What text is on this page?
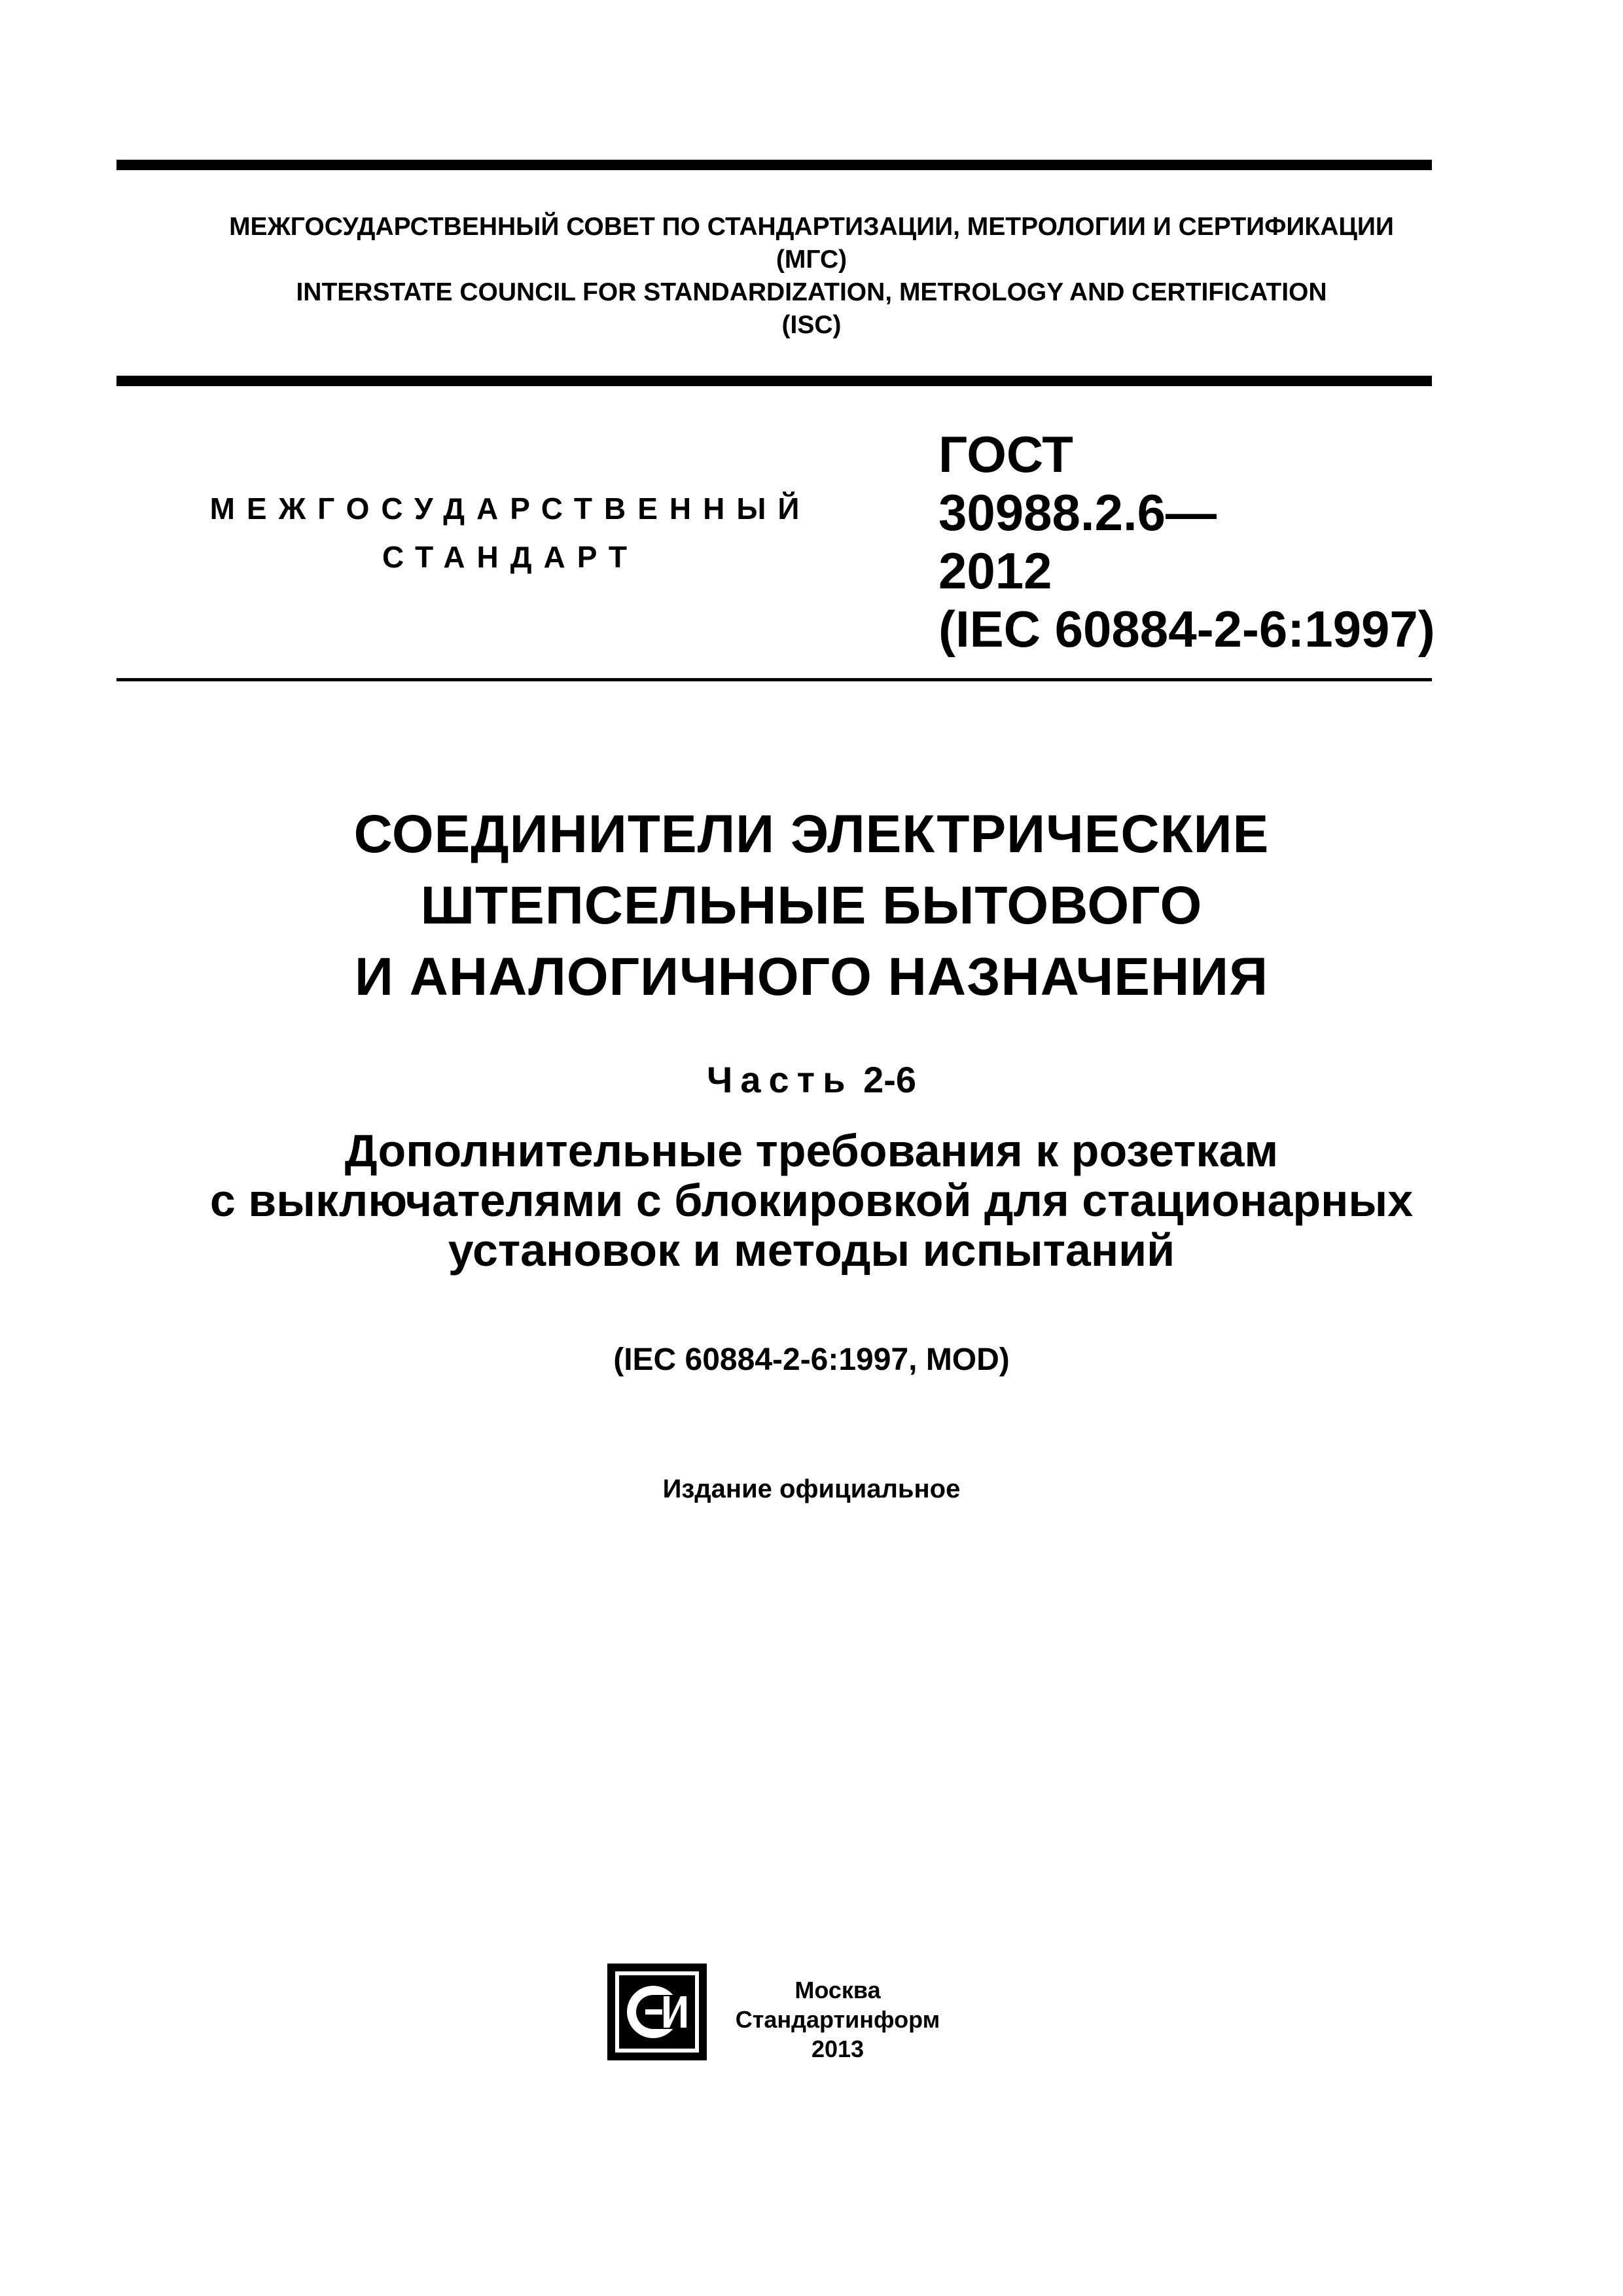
МЕЖГОСУДАРСТВЕННЫЙ СОВЕТ ПО СТАНДАРТИЗАЦИИ, МЕТРОЛОГИИ И СЕРТИФИКАЦИИ
(МГС)
INTERSTATE COUNCIL FOR STANDARDIZATION, METROLOGY AND CERTIFICATION
(ISC)
МЕЖГОСУДАРСТВЕННЫЙ
СТАНДАРТ
ГОСТ
30988.2.6—
2012
(IEC 60884-2-6:1997)
СОЕДИНИТЕЛИ ЭЛЕКТРИЧЕСКИЕ
ШТЕПСЕЛЬНЫЕ БЫТОВОГО
И АНАЛОГИЧНОГО НАЗНАЧЕНИЯ
Часть 2-6
Дополнительные требования к розеткам
с выключателями с блокировкой для стационарных
установок и методы испытаний
(IEC 60884-2-6:1997, MOD)
Издание официальное
Москва
Стандартинформ
2013
